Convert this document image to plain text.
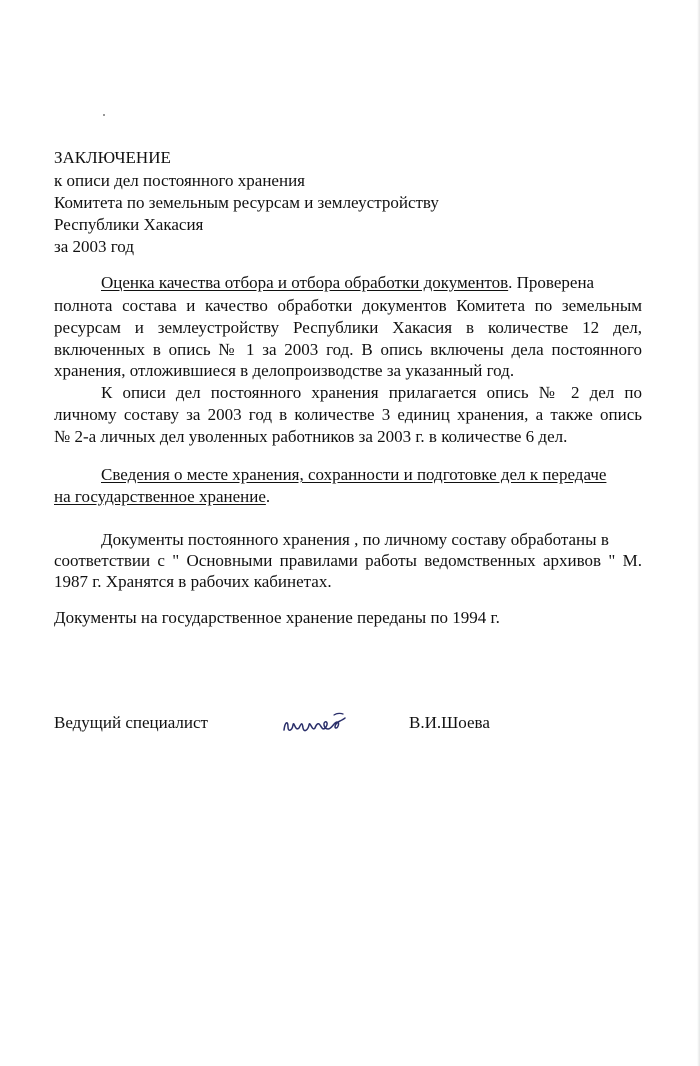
ЗАКЛЮЧЕНИЕ
к описи дел постоянного хранения
Комитета по земельным ресурсам и землеустройству
Республики Хакасия
за 2003 год
Оценка качества отбора и отбора обработки документов. Проверена
полнота состава и качество обработки документов Комитета по земельным
ресурсам и землеустройству Республики Хакасия в количестве 12 дел,
включенных в опись № 1 за 2003 год. В опись включены дела постоянного
хранения, отложившиеся в делопроизводстве за указанный год.
К описи дел постоянного хранения прилагается опись № 2 дел по
личному составу за 2003 год в количестве 3 единиц хранения, а также опись
№ 2-а личных дел уволенных работников за 2003 г. в количестве 6 дел.
Сведения о месте хранения, сохранности и подготовке дел к передаче
на государственное хранение.
Документы постоянного хранения , по личному составу обработаны в
соответствии с " Основными правилами работы ведомственных архивов " М.
1987 г. Хранятся в рабочих кабинетах.
Документы на государственное хранение переданы по 1994 г.
Ведущий специалист	В.И.Шоева
